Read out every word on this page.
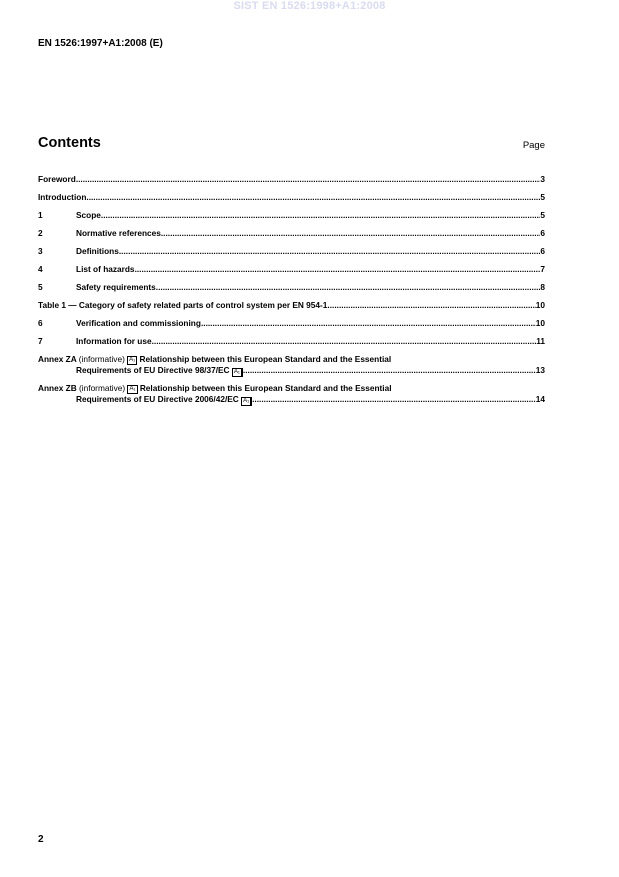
SIST EN 1526:1998+A1:2008
EN 1526:1997+A1:2008 (E)
Contents	Page
Foreword .....	3
Introduction .....	5
1	Scope .....	5
2	Normative references .....	6
3	Definitions .....	6
4	List of hazards .....	7
5	Safety requirements .....	8
Table 1 — Category of safety related parts of control system per EN 954-1 .....	10
6	Verification and commissioning .....	10
7	Information for use .....	11
Annex ZA (informative) A₁ Relationship between this European Standard and the Essential
Requirements of EU Directive 98/37/EC
A₁ .....	13
Annex ZB (informative) A₁ Relationship between this European Standard and the Essential
Requirements of EU Directive 2006/42/EC
A₁ .....	14
2
